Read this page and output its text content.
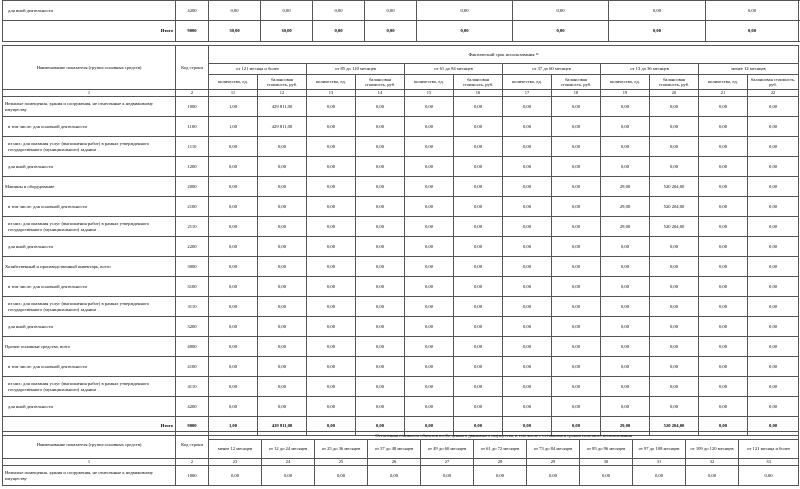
для иной деятельности	4200	0,00	0,00	0,00	0,00	0,00	0,00	0,00	0,00
Итого	9000	30,00	30,00	0,00	0,00	0,00	0,00	0,00	0,00
Наименование показателя (группа основных средств)	Код строки	Фактический срок использования ¹⁶											
		от 121 месяца и более		от 85 до 120 месяцев		от 61 до 84 месяцев		от 37 до 60 месяцев		от 13 до 36 месяцев		менее 12 месяцев	
		количество, ед.	балансовая стоимость, руб.	количество, ед.	балансовая стоимость, руб.	количество, ед.	балансовая стоимость, руб.	количество, ед.	балансовая стоимость, руб.	количество, ед.	балансовая стоимость, руб.	количество, ед.	балансовая стоимость, руб.
1	2	11	12	13	14	15	16	17	18	19	20	21	22
Нежилые помещения, здания и сооружения, не отнесенные к недвижимому имуществу	1000	1,00	429 811,00	0,00	0,00	0,00	0,00	0,00	0,00	0,00	0,00	0,00	0,00
в том числе: для основной деятельности	1100	1,00	429 811,00	0,00	0,00	0,00	0,00	0,00	0,00	0,00	0,00	0,00	0,00
из них: для оказания услуг (выполнения работ) в рамках утвержденного государственного (муниципального) задания	1110	0,00	0,00	0,00	0,00	0,00	0,00	0,00	0,00	0,00	0,00	0,00	0,00
для иной деятельности	1200	0,00	0,00	0,00	0,00	0,00	0,00	0,00	0,00	0,00	0,00	0,00	0,00
Машины и оборудование	2000	0,00	0,00	0,00	0,00	0,00	0,00	0,00	0,00	29,00	520 204,00	0,00	0,00
в том числе: для основной деятельности	2100	0,00	0,00	0,00	0,00	0,00	0,00	0,00	0,00	29,00	520 204,00	0,00	0,00
из них: для оказания услуг (выполнения работ) в рамках утвержденного государственного (муниципального) задания	2110	0,00	0,00	0,00	0,00	0,00	0,00	0,00	0,00	29,00	520 204,00	0,00	0,00
для иной деятельности	2200	0,00	0,00	0,00	0,00	0,00	0,00	0,00	0,00	0,00	0,00	0,00	0,00
Хозяйственный и производственный инвентарь, всего	3000	0,00	0,00	0,00	0,00	0,00	0,00	0,00	0,00	0,00	0,00	0,00	0,00
в том числе: для основной деятельности	3100	0,00	0,00	0,00	0,00	0,00	0,00	0,00	0,00	0,00	0,00	0,00	0,00
из них: для оказания услуг (выполнения работ) в рамках утвержденного государственного (муниципального) задания	3110	0,00	0,00	0,00	0,00	0,00	0,00	0,00	0,00	0,00	0,00	0,00	0,00
для иной деятельности	3200	0,00	0,00	0,00	0,00	0,00	0,00	0,00	0,00	0,00	0,00	0,00	0,00
Прочие основные средства, всего	4000	0,00	0,00	0,00	0,00	0,00	0,00	0,00	0,00	0,00	0,00	0,00	0,00
в том числе: для основной деятельности	4100	0,00	0,00	0,00	0,00	0,00	0,00	0,00	0,00	0,00	0,00	0,00	0,00
из них: для оказания услуг (выполнения работ) в рамках утвержденного государственного (муниципального) задания	4110	0,00	0,00	0,00	0,00	0,00	0,00	0,00	0,00	0,00	0,00	0,00	0,00
для иной деятельности	4200	0,00	0,00	0,00	0,00	0,00	0,00	0,00	0,00	0,00	0,00	0,00	0,00
Итого	9000	1,00	429 811,00	0,00	0,00	0,00	0,00	0,00	0,00	29,00	520 204,00	0,00	0,00
Наименование показателя (группа основных средств)	Код строки	Остаточная стоимость объектов особо ценного движимого имущества, в том числе с оставшимся сроком полезного использования										
		менее 12 месяцев	от 12 до 24 месяцев	от 25 до 36 месяцев	от 37 до 48 месяцев	от 49 до 60 месяцев	от 61 до 72 месяцев	от 73 до 84 месяцев	от 85 до 96 месяцев	от 97 до 108 месяцев	от 109 до 120 месяцев	от 121 месяца и более
1	2	23	24	25	26	27	28	29	30	31	32	33
Нежилые помещения, здания и сооружения, не отнесенные к недвижимому имуществу	1000	0,00	0,00	0,00	0,00	0,00	0,00	0,00	0,00	0,00	0,00	0,00
